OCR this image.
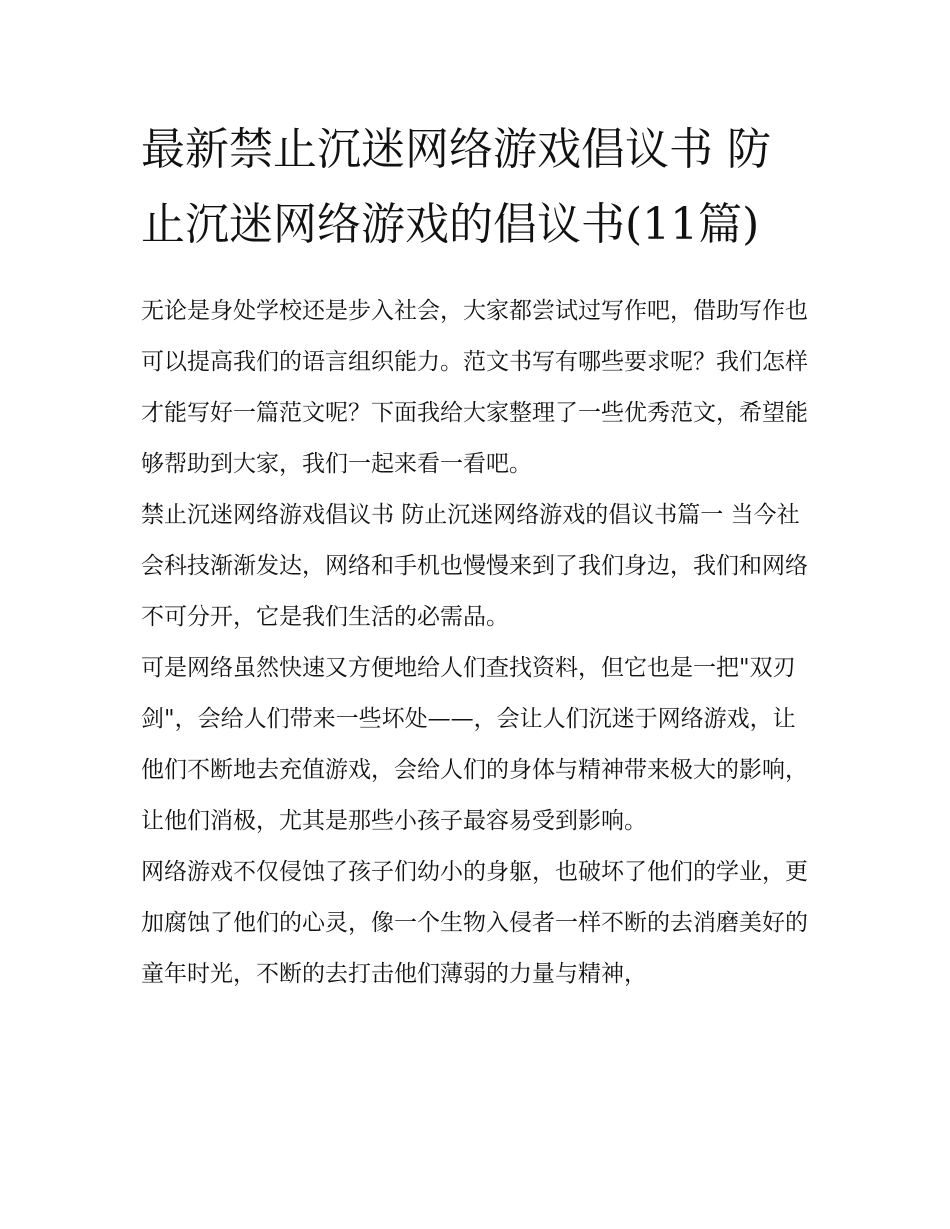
最新禁止沉迷网络游戏倡议书 防止沉迷网络游戏的倡议书(11篇)

无论是身处学校还是步入社会，大家都尝试过写作吧，借助写作也可以提高我们的语言组织能力。范文书写有哪些要求呢？我们怎样才能写好一篇范文呢？下面我给大家整理了一些优秀范文，希望能够帮助到大家，我们一起来看一看吧。

禁止沉迷网络游戏倡议书 防止沉迷网络游戏的倡议书篇一 当今社会科技渐渐发达，网络和手机也慢慢来到了我们身边，我们和网络不可分开，它是我们生活的必需品。

可是网络虽然快速又方便地给人们查找资料，但它也是一把"双刃剑"，会给人们带来一些坏处——，会让人们沉迷于网络游戏，让他们不断地去充值游戏，会给人们的身体与精神带来极大的影响，让他们消极，尤其是那些小孩子最容易受到影响。

网络游戏不仅侵蚀了孩子们幼小的身躯，也破坏了他们的学业，更加腐蚀了他们的心灵，像一个生物入侵者一样不断的去消磨美好的童年时光，不断的去打击他们薄弱的力量与精神，
